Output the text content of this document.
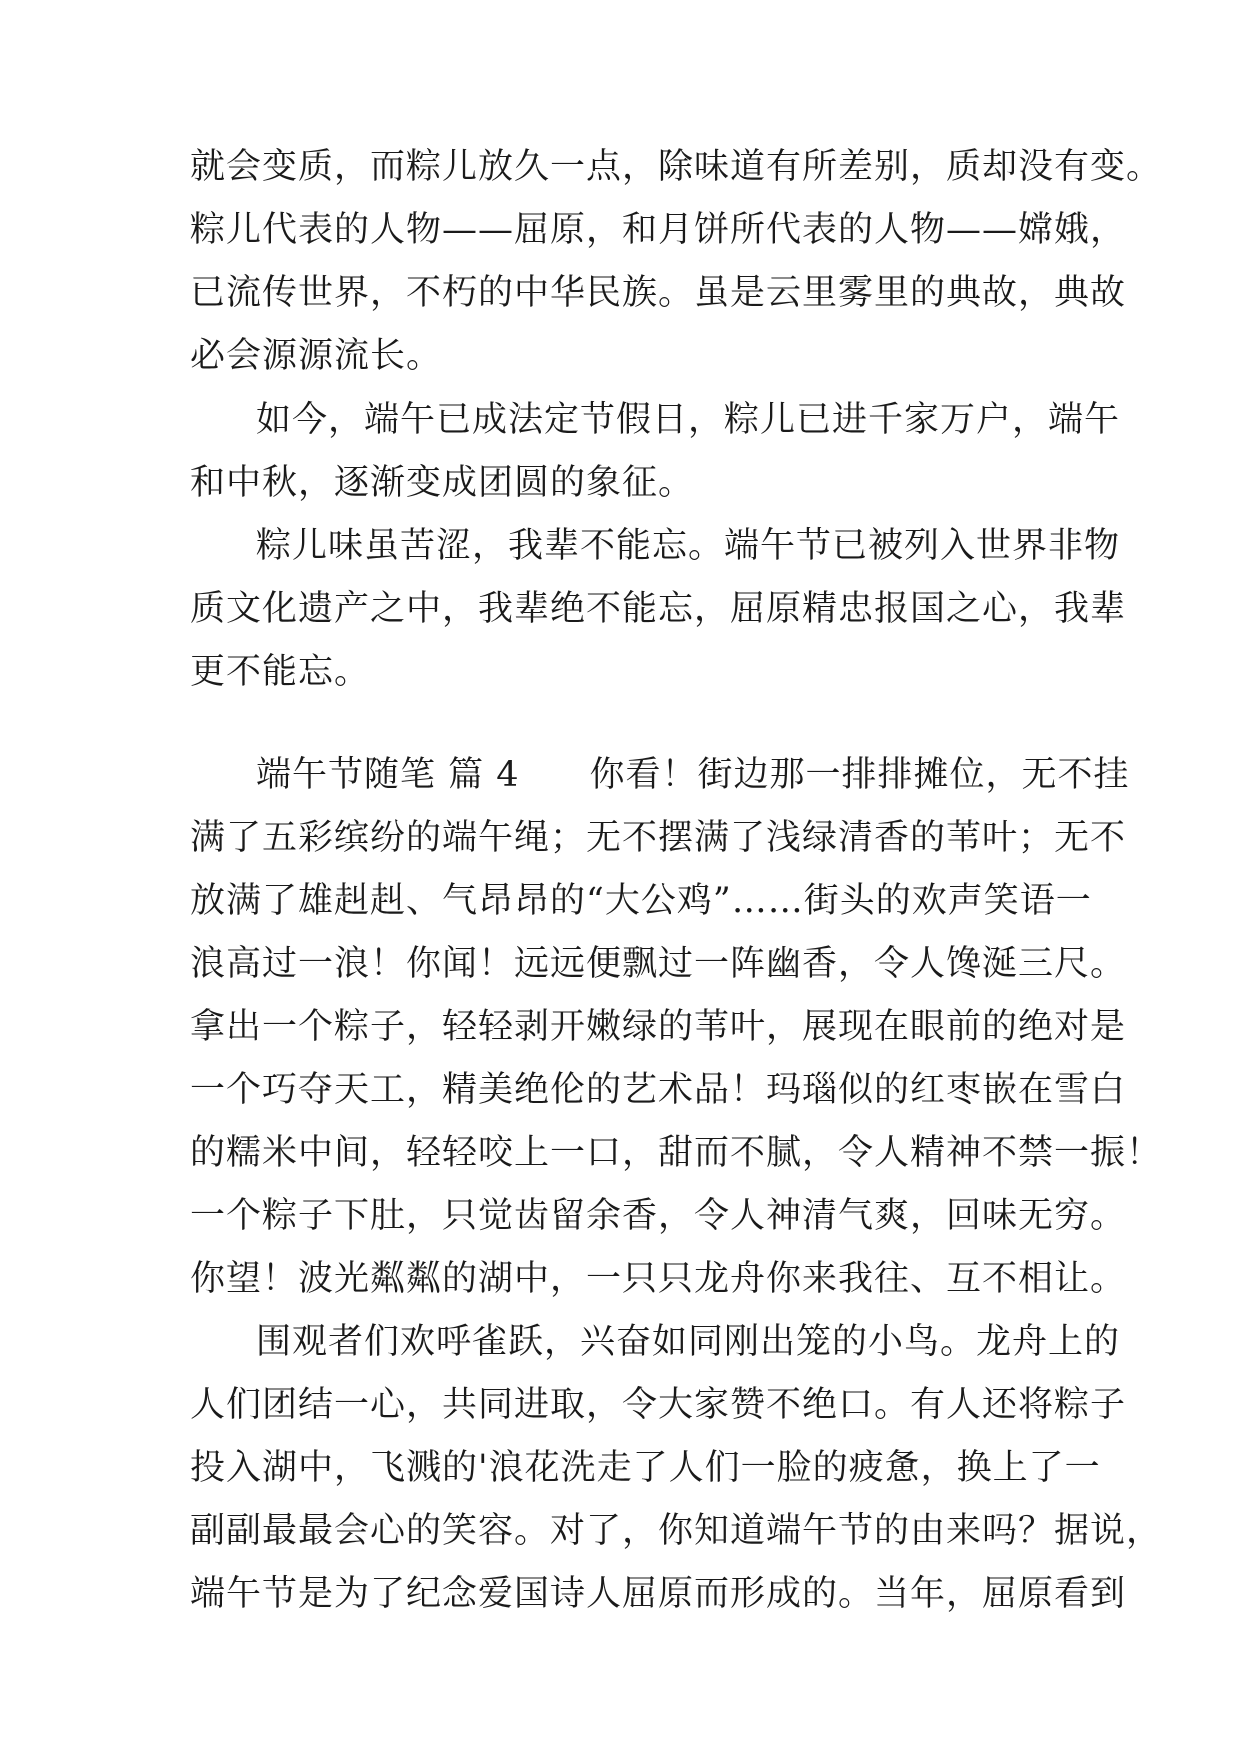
就会变质，而粽儿放久一点，除味道有所差别，质却没有变。
粽儿代表的人物——屈原，和月饼所代表的人物——嫦娥，
已流传世界，不朽的中华民族。虽是云里雾里的典故，典故
必会源源流长。
如今，端午已成法定节假日，粽儿已进千家万户，端午
和中秋，逐渐变成团圆的象征。
粽儿味虽苦涩，我辈不能忘。端午节已被列入世界非物
质文化遗产之中，我辈绝不能忘，屈原精忠报国之心，我辈
更不能忘。
端午节随笔 篇 4 你看！街边那一排排摊位，无不挂
满了五彩缤纷的端午绳；无不摆满了浅绿清香的苇叶；无不
放满了雄赳赳、气昂昂的“大公鸡”……街头的欢声笑语一
浪高过一浪！你闻！远远便飘过一阵幽香，令人馋涎三尺。
拿出一个粽子，轻轻剥开嫩绿的苇叶，展现在眼前的绝对是
一个巧夺天工，精美绝伦的艺术品！玛瑙似的红枣嵌在雪白
的糯米中间，轻轻咬上一口，甜而不腻，令人精神不禁一振！
一个粽子下肚，只觉齿留余香，令人神清气爽，回味无穷。
你望！波光粼粼的湖中，一只只龙舟你来我往、互不相让。
围观者们欢呼雀跃，兴奋如同刚出笼的小鸟。龙舟上的
人们团结一心，共同进取，令大家赞不绝口。有人还将粽子
投入湖中，飞溅的'浪花洗走了人们一脸的疲惫，换上了一
副副最最会心的笑容。对了，你知道端午节的由来吗？据说，
端午节是为了纪念爱国诗人屈原而形成的。当年，屈原看到
